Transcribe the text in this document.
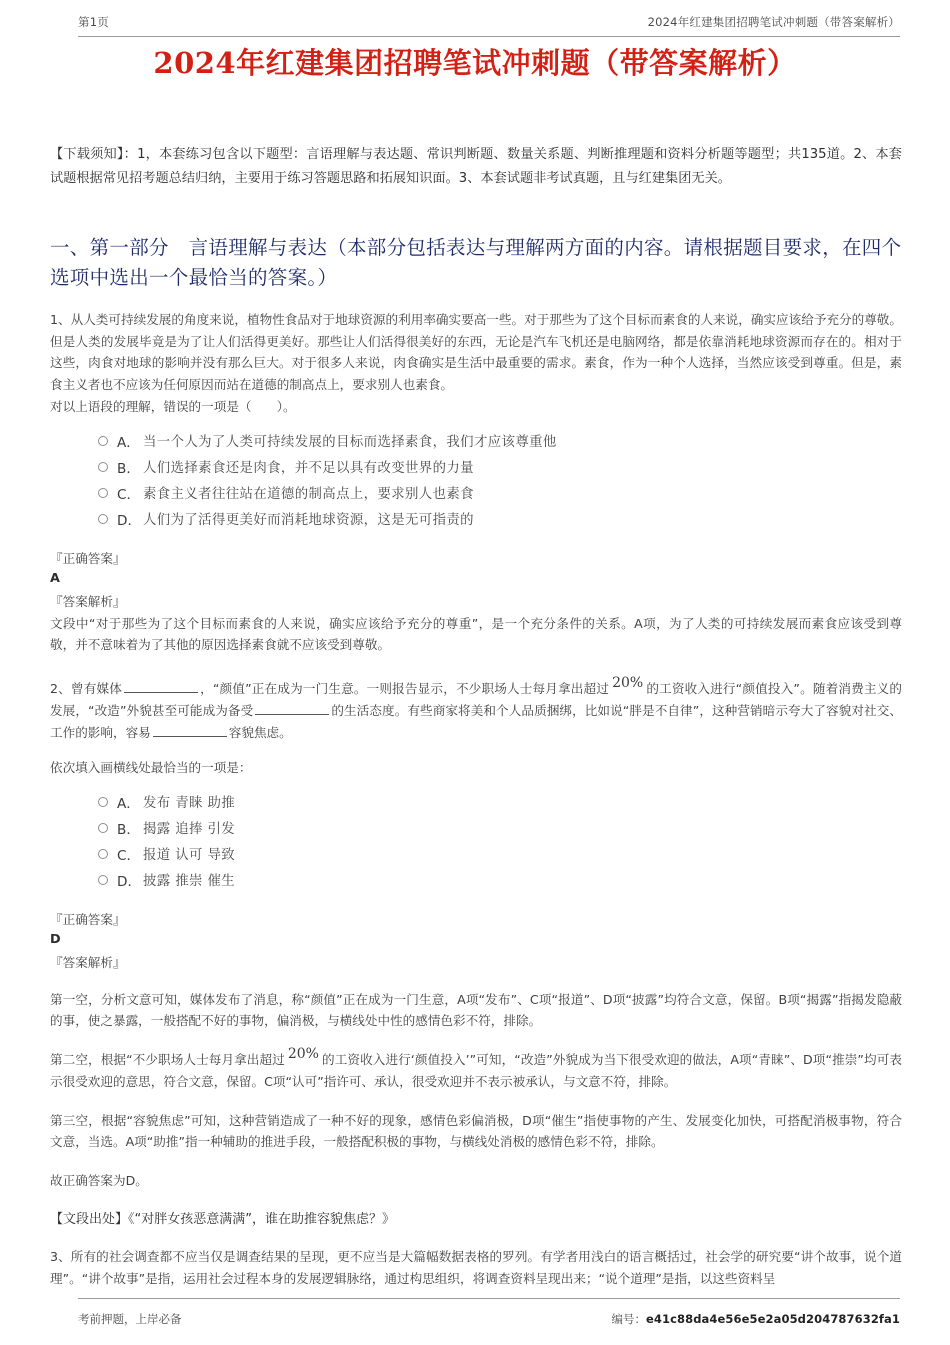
第1页	2024年红建集团招聘笔试冲刺题（带答案解析）
2024年红建集团招聘笔试冲刺题（带答案解析）

【下载须知】：1，本套练习包含以下题型：言语理解与表达题、常识判断题、数量关系题、判断推理题和资料分析题等题型；共135道。2、本套试题根据常见招考题总结归纳，主要用于练习答题思路和拓展知识面。3、本套试题非考试真题，且与红建集团无关。

一、第一部分　言语理解与表达（本部分包括表达与理解两方面的内容。请根据题目要求，在四个选项中选出一个最恰当的答案。）
1、从人类可持续发展的角度来说，植物性食品对于地球资源的利用率确实要高一些。对于那些为了这个目标而素食的人来说，确实应该给予充分的尊敬。但是人类的发展毕竟是为了让人们活得更美好。那些让人们活得很美好的东西，无论是汽车飞机还是电脑网络，都是依靠消耗地球资源而存在的。相对于这些，肉食对地球的影响并没有那么巨大。对于很多人来说，肉食确实是生活中最重要的需求。素食，作为一种个人选择，当然应该受到尊重。但是，素食主义者也不应该为任何原因而站在道德的制高点上，要求别人也素食。
对以上语段的理解，错误的一项是（　　）。
A． 当一个人为了人类可持续发展的目标而选择素食，我们才应该尊重他
B． 人们选择素食还是肉食，并不足以具有改变世界的力量
C． 素食主义者往往站在道德的制高点上，要求别人也素食
D． 人们为了活得更美好而消耗地球资源，这是无可指责的
『正确答案』
A
『答案解析』
文段中“对于那些为了这个目标而素食的人来说，确实应该给予充分的尊重”，是一个充分条件的关系。A项，为了人类的可持续发展而素食应该受到尊敬，并不意味着为了其他的原因选择素食就不应该受到尊敬。
2、曾有媒体	，“颜值”正在成为一门生意。一则报告显示，不少职场人士每月拿出超过 20% 的工资收入进行“颜值投入”。随着消费主义的发展，“改造”外貌甚至可能成为备受	的生活态度。有些商家将美和个人品质捆绑，比如说“胖是不自律”，这种营销暗示夸大了容貌对社交、工作的影响，容易	容貌焦虑。
依次填入画横线处最恰当的一项是：
A． 发布 青睐 助推
B． 揭露 追捧 引发
C． 报道 认可 导致
D． 披露 推崇 催生
『正确答案』
D
『答案解析』
第一空，分析文意可知，媒体发布了消息，称“颜值”正在成为一门生意，A项“发布”、C项“报道”、D项“披露”均符合文意，保留。B项“揭露”指揭发隐蔽的事，使之暴露，一般搭配不好的事物，偏消极，与横线处中性的感情色彩不符，排除。
第二空，根据“不少职场人士每月拿出超过 20% 的工资收入进行‘颜值投入’”可知，“改造”外貌成为当下很受欢迎的做法，A项“青睐”、D项“推崇”均可表示很受欢迎的意思，符合文意，保留。C项“认可”指许可、承认，很受欢迎并不表示被承认，与文意不符，排除。
第三空，根据“容貌焦虑”可知，这种营销造成了一种不好的现象，感情色彩偏消极，D项“催生”指使事物的产生、发展变化加快，可搭配消极事物，符合文意，当选。A项“助推”指一种辅助的推进手段，一般搭配积极的事物，与横线处消极的感情色彩不符，排除。
故正确答案为D。
【文段出处】《“对胖女孩恶意满满”，谁在助推容貌焦虑？》
3、所有的社会调查都不应当仅是调查结果的呈现，更不应当是大篇幅数据表格的罗列。有学者用浅白的语言概括过，社会学的研究要“讲个故事，说个道理”。“讲个故事”是指，运用社会过程本身的发展逻辑脉络，通过构思组织，将调查资料呈现出来；“说个道理”是指，以这些资料呈
考前押题，上岸必备	编号：e41c88da4e56e5e2a05d204787632fa1
